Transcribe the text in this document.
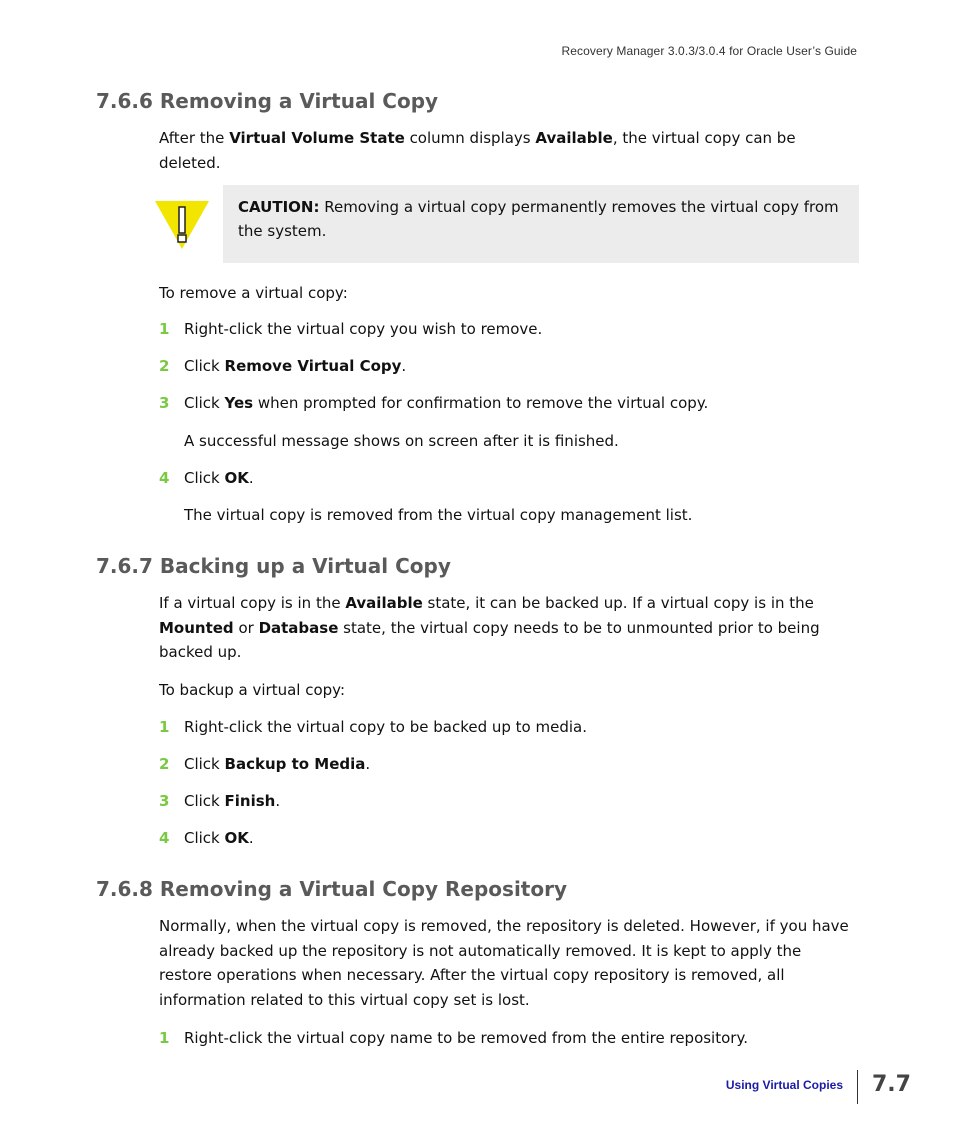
Recovery Manager 3.0.3/3.0.4 for Oracle User’s Guide
7.6.6 Removing a Virtual Copy

After the Virtual Volume State column displays Available, the virtual copy can be deleted.

CAUTION: Removing a virtual copy permanently removes the virtual copy from the system.

To remove a virtual copy:

1 Right-click the virtual copy you wish to remove.
2 Click Remove Virtual Copy.
3 Click Yes when prompted for confirmation to remove the virtual copy.

A successful message shows on screen after it is finished.

4 Click OK.

The virtual copy is removed from the virtual copy management list.

7.6.7 Backing up a Virtual Copy

If a virtual copy is in the Available state, it can be backed up. If a virtual copy is in the Mounted or Database state, the virtual copy needs to be to unmounted prior to being backed up.

To backup a virtual copy:

1 Right-click the virtual copy to be backed up to media.
2 Click Backup to Media.
3 Click Finish.
4 Click OK.
7.6.8 Removing a Virtual Copy Repository

Normally, when the virtual copy is removed, the repository is deleted. However, if you have already backed up the repository is not automatically removed. It is kept to apply the restore operations when necessary. After the virtual copy repository is removed, all information related to this virtual copy set is lost.

1 Right-click the virtual copy name to be removed from the entire repository.
Using Virtual Copies 7.7
